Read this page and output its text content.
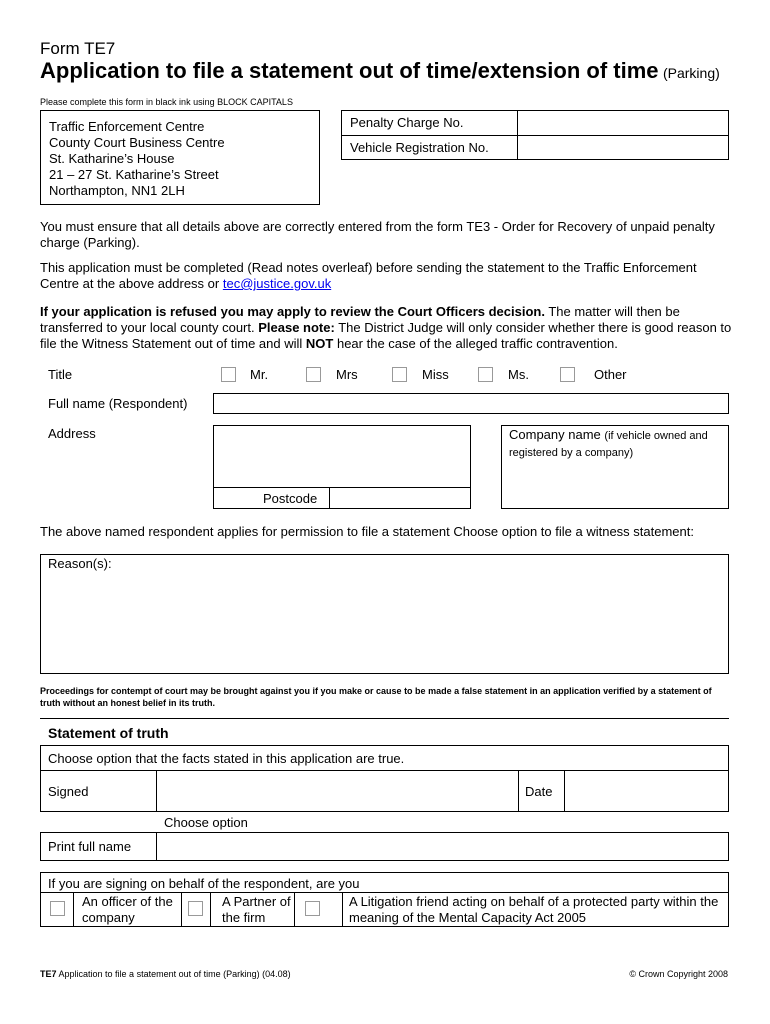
Form TE7
Application to file a statement out of time/extension of time (Parking)
Please complete this form in black ink using BLOCK CAPITALS
Traffic Enforcement Centre
County Court Business Centre
St. Katharine’s House
21 – 27 St. Katharine’s Street
Northampton, NN1 2LH
Penalty Charge No.
Vehicle Registration No.
You must ensure that all details above are correctly entered from the form TE3 - Order for Recovery of unpaid penalty charge (Parking).
This application must be completed (Read notes overleaf) before sending the statement to the Traffic Enforcement Centre at the above address or tec@justice.gov.uk
If your application is refused you may apply to review the Court Officers decision. The matter will then be transferred to your local county court. Please note: The District Judge will only consider whether there is good reason to file the Witness Statement out of time and will NOT hear the case of the alleged traffic contravention.
Title	Mr.	Mrs	Miss	Ms.	Other
Full name (Respondent)
Address
Postcode
Company name (if vehicle owned and registered by a company)
The above named respondent applies for permission to file a statement Choose option to file a witness statement:
Reason(s):
Proceedings for contempt of court may be brought against you if you make or cause to be made a false statement in an application verified by a statement of truth without an honest belief in its truth.
Statement of truth
Choose option that the facts stated in this application are true.
Signed	Date
Choose option
Print full name
If you are signing on behalf of the respondent, are you
An officer of the company
A Partner of the firm
A Litigation friend acting on behalf of a protected party within the meaning of the Mental Capacity Act 2005
TE7 Application to file a statement out of time (Parking) (04.08)	© Crown Copyright 2008
